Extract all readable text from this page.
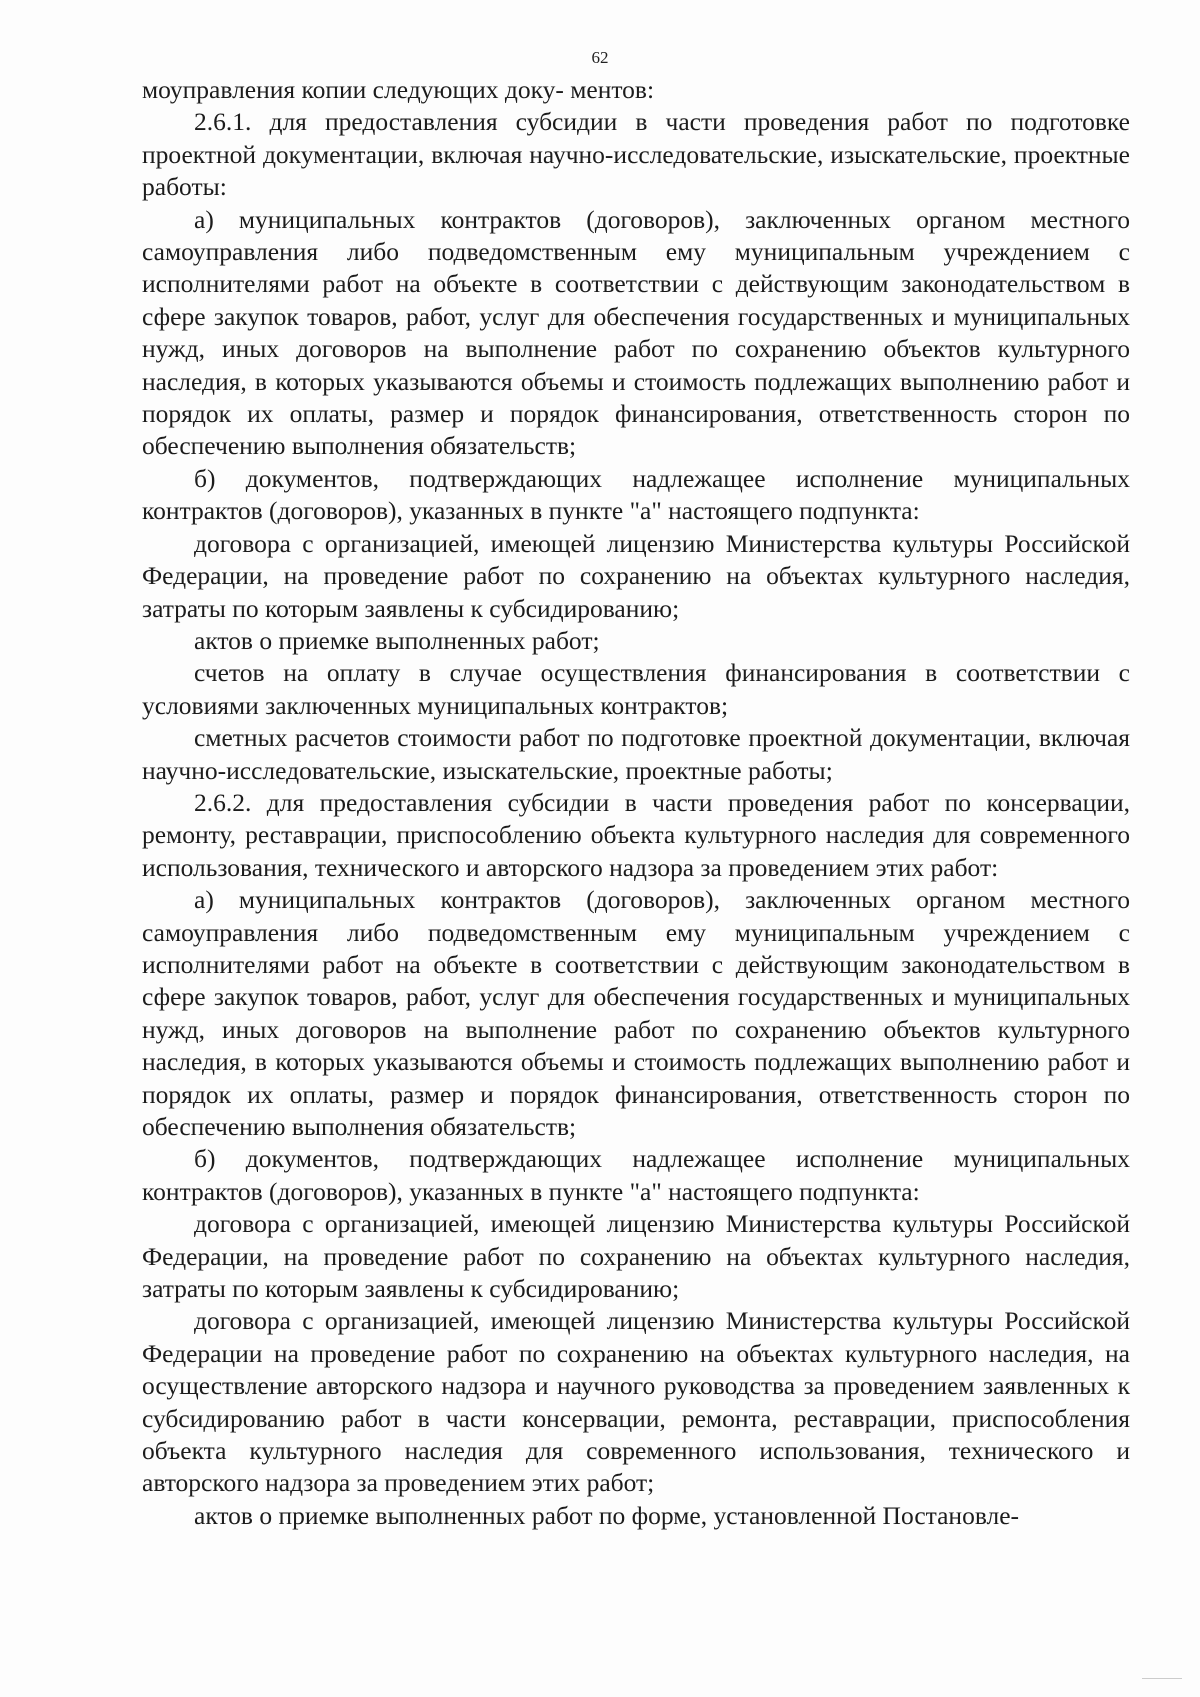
62

моуправления копии следующих доку- ментов:

2.6.1. для предоставления субсидии в части проведения работ по подготовке проектной документации, включая научно-исследовательские, изыскательские, проектные работы:

а) муниципальных контрактов (договоров), заключенных органом местного самоуправления либо подведомственным ему муниципальным учреждением с исполнителями работ на объекте в соответствии с действующим законодательством в сфере закупок товаров, работ, услуг для обеспечения государственных и муниципальных нужд, иных договоров на выполнение работ по сохранению объектов культурного наследия, в которых указываются объемы и стоимость подлежащих выполнению работ и порядок их оплаты, размер и порядок финансирования, ответственность сторон по обеспечению выполнения обязательств;

б) документов, подтверждающих надлежащее исполнение муниципальных контрактов (договоров), указанных в пункте "а" настоящего подпункта:

договора с организацией, имеющей лицензию Министерства культуры Российской Федерации, на проведение работ по сохранению на объектах культурного наследия, затраты по которым заявлены к субсидированию;

актов о приемке выполненных работ;

счетов на оплату в случае осуществления финансирования в соответствии с условиями заключенных муниципальных контрактов;

сметных расчетов стоимости работ по подготовке проектной документации, включая научно-исследовательские, изыскательские, проектные работы;

2.6.2. для предоставления субсидии в части проведения работ по консервации, ремонту, реставрации, приспособлению объекта культурного наследия для современного использования, технического и авторского надзора за проведением этих работ:

а) муниципальных контрактов (договоров), заключенных органом местного самоуправления либо подведомственным ему муниципальным учреждением с исполнителями работ на объекте в соответствии с действующим законодательством в сфере закупок товаров, работ, услуг для обеспечения государственных и муниципальных нужд, иных договоров на выполнение работ по сохранению объектов культурного наследия, в которых указываются объемы и стоимость подлежащих выполнению работ и порядок их оплаты, размер и порядок финансирования, ответственность сторон по обеспечению выполнения обязательств;

б) документов, подтверждающих надлежащее исполнение муниципальных контрактов (договоров), указанных в пункте "а" настоящего подпункта:

договора с организацией, имеющей лицензию Министерства культуры Российской Федерации, на проведение работ по сохранению на объектах культурного наследия, затраты по которым заявлены к субсидированию;

договора с организацией, имеющей лицензию Министерства культуры Российской Федерации на проведение работ по сохранению на объектах культурного наследия, на осуществление авторского надзора и научного руководства за проведением заявленных к субсидированию работ в части консервации, ремонта, реставрации, приспособления объекта культурного наследия для современного использования, технического и авторского надзора за проведением этих работ;

актов о приемке выполненных работ по форме, установленной Постановле-
